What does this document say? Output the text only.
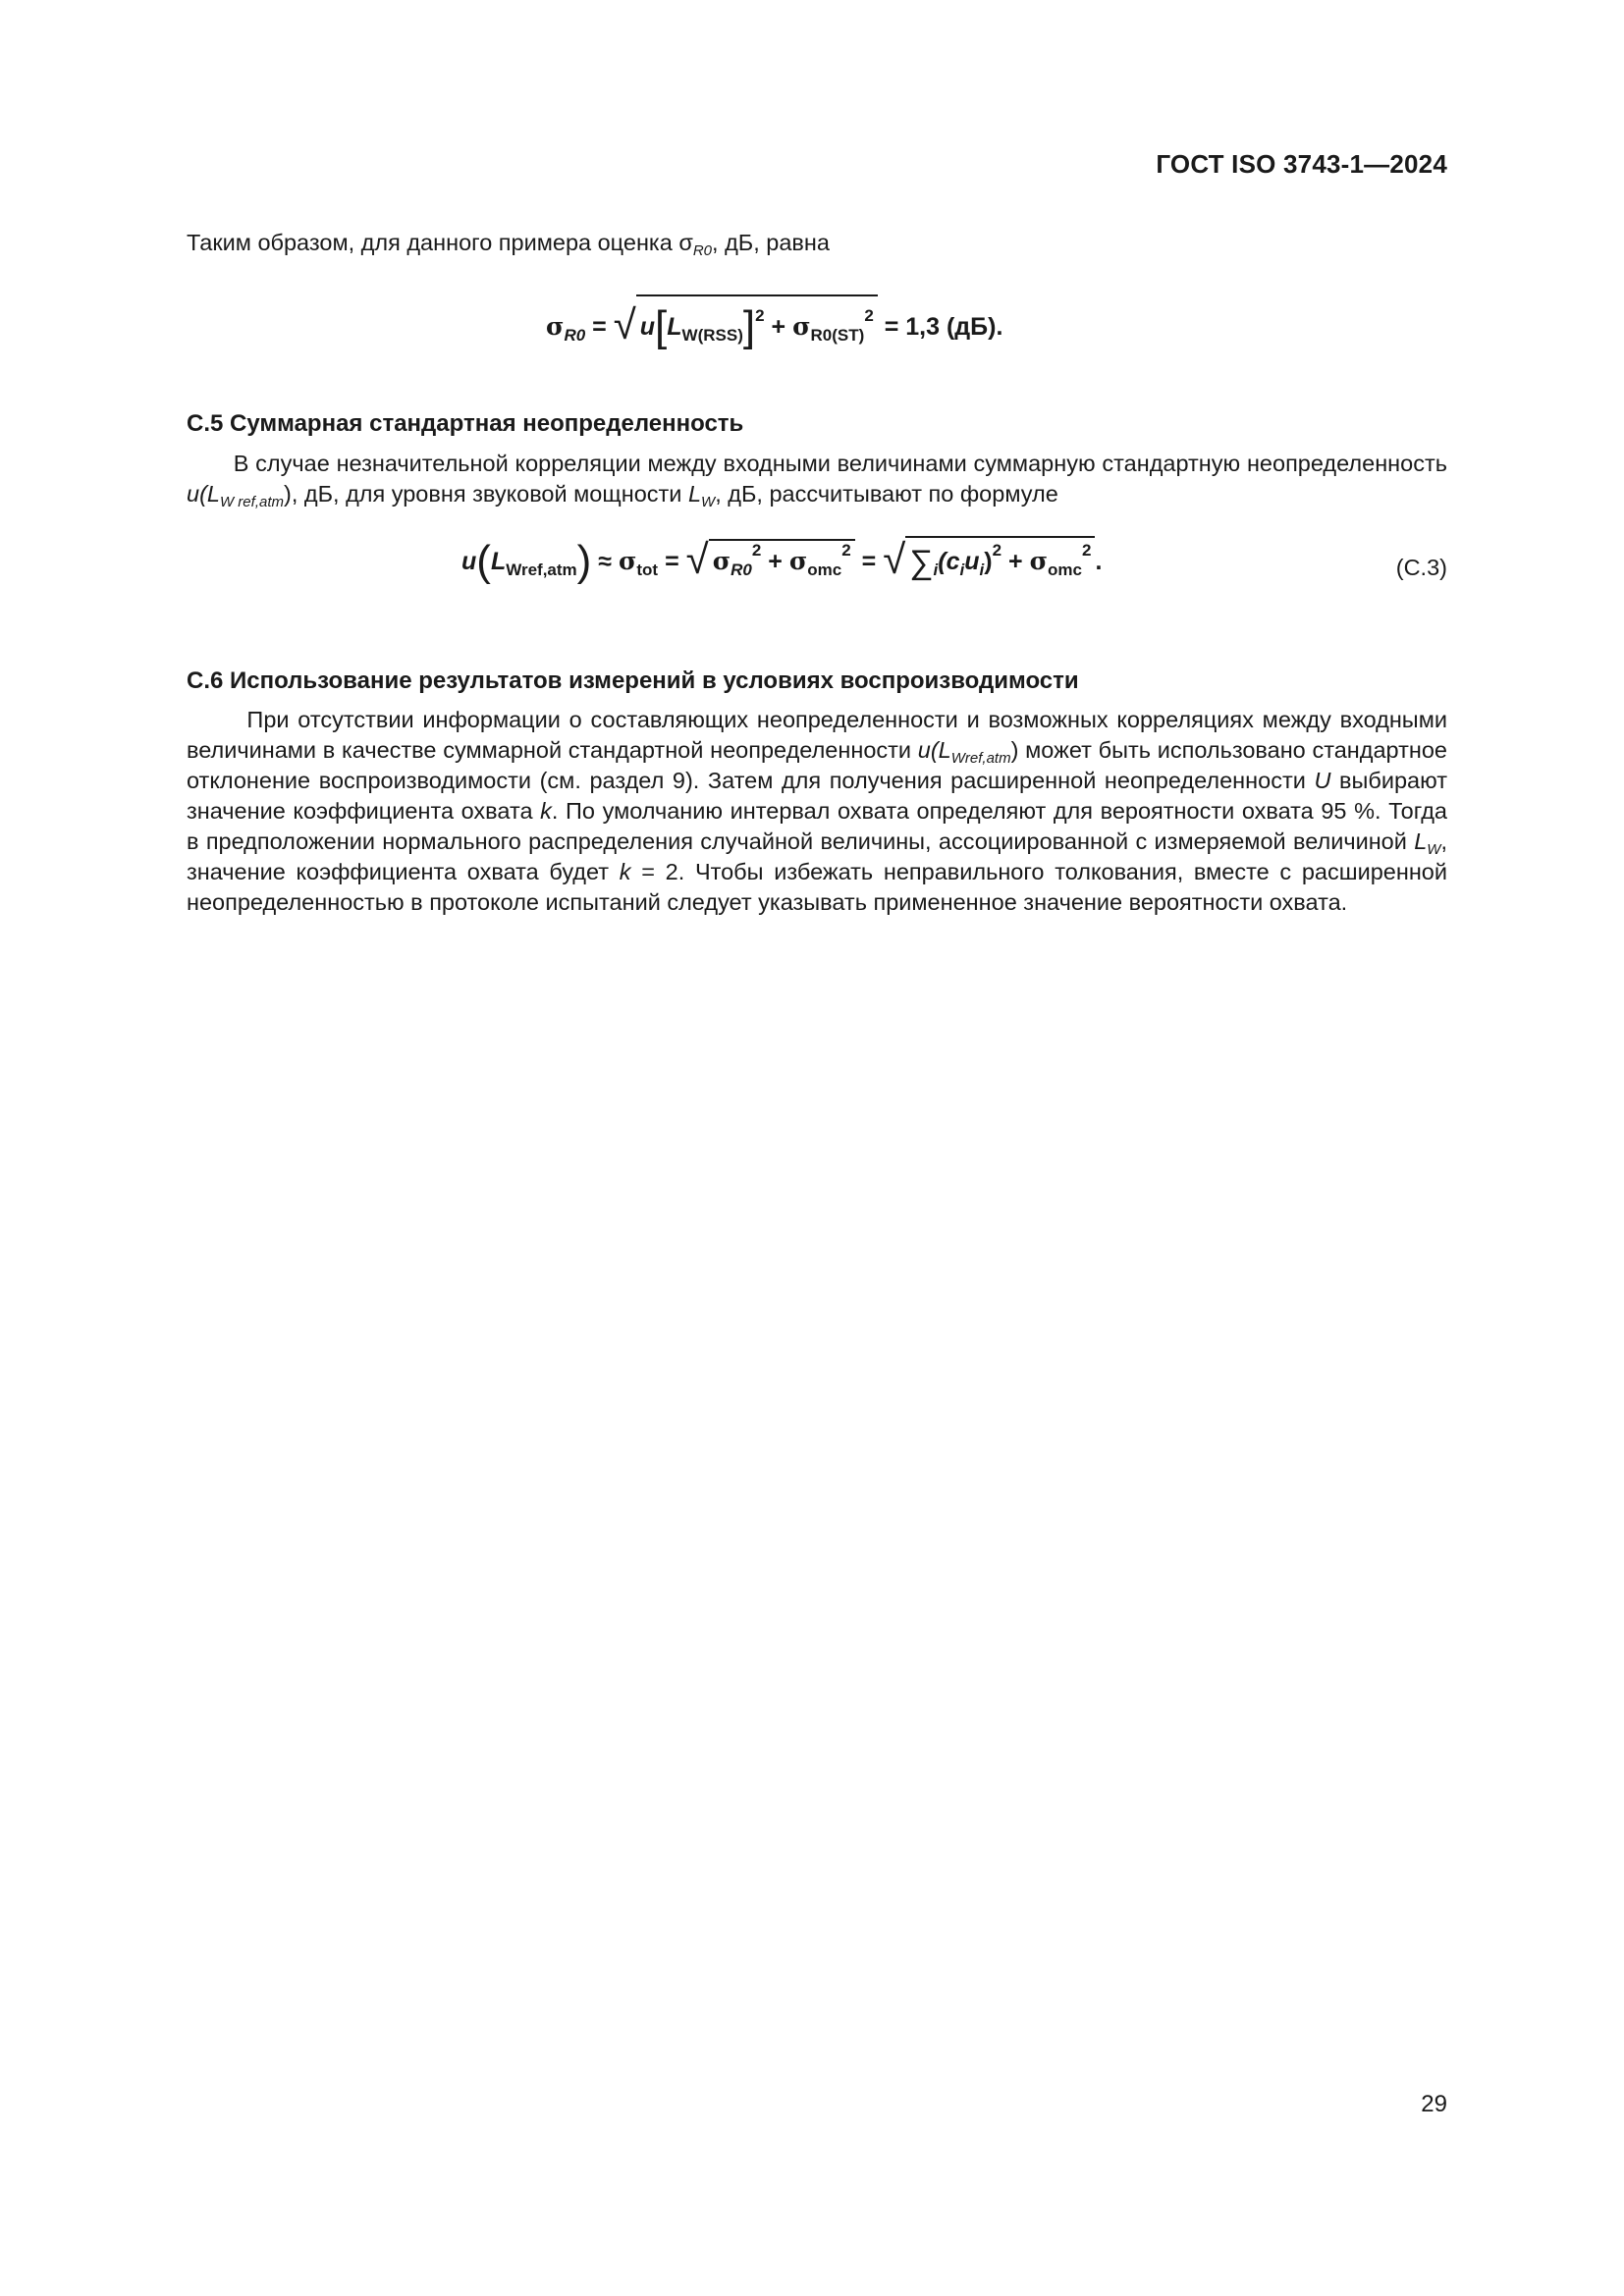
ГОСТ ISO 3743-1—2024

Таким образом, для данного примера оценка $\sigma_{R0}$, дБ, равна

$\sigma_{R0}$ = √ $u[L_{W(RSS)}]^2 + \sigma_{R0(ST)}^2 = 1,3$ (дБ).
С.5 Суммарная стандартная неопределенность

В случае незначительной корреляции между входными величинами суммарную стандартную неопределенность $u(L_{W ref,atm})$, дБ, для уровня звуковой мощности $L_W$, дБ, рассчитывают по формуле

$u(L_{Wref,atm}) \approx \sigma_{tot}$ = √ $\sigma_{R0}^2 + \sigma_{omc}^2$ = √ $\sum_i(c_iu_i)^2 + \sigma_{omc}^2$ .	(С.3)
С.6 Использование результатов измерений в условиях воспроизводимости

При отсутствии информации о составляющих неопределенности и возможных корреляциях между входными величинами в качестве суммарной стандартной неопределенности $u(L_{Wref,atm})$ может быть использовано стандартное отклонение воспроизводимости (см. раздел 9). Затем для получения расширенной неопределенности U выбирают значение коэффициента охвата k. По умолчанию интервал охвата определяют для вероятности охвата 95 %. Тогда в предположении нормального распределения случайной величины, ассоциированной с измеряемой величиной $L_W$, значение коэффициента охвата будет k = 2. Чтобы избежать неправильного толкования, вместе с расширенной неопределенностью в протоколе испытаний следует указывать примененное значение вероятности охвата.

29
